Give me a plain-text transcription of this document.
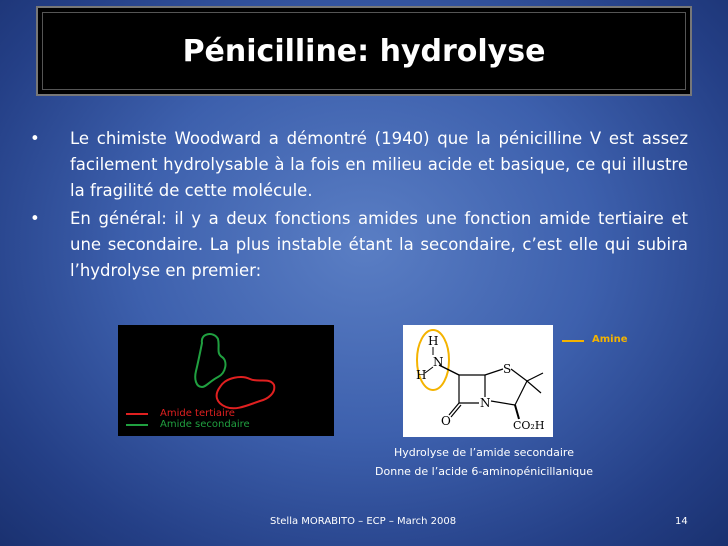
Pénicilline: hydrolyse
• Le chimiste Woodward a démontré (1940) que la pénicilline V est assez facilement hydrolysable à la fois en milieu acide et basique, ce qui illustre la fragilité de cette molécule.
• En général: il y a deux fonctions amides une fonction amide tertiaire et une secondaire. La plus instable étant la secondaire, c’est elle qui subira l’hydrolyse en premier:
Amide tertiaire
Amide secondaire
H
N
H	S
N
O	CO₂H
Amine
Hydrolyse de l’amide secondaire
Donne de l’acide 6-aminopénicillanique
Stella MORABITO – ECP – March 2008	14
